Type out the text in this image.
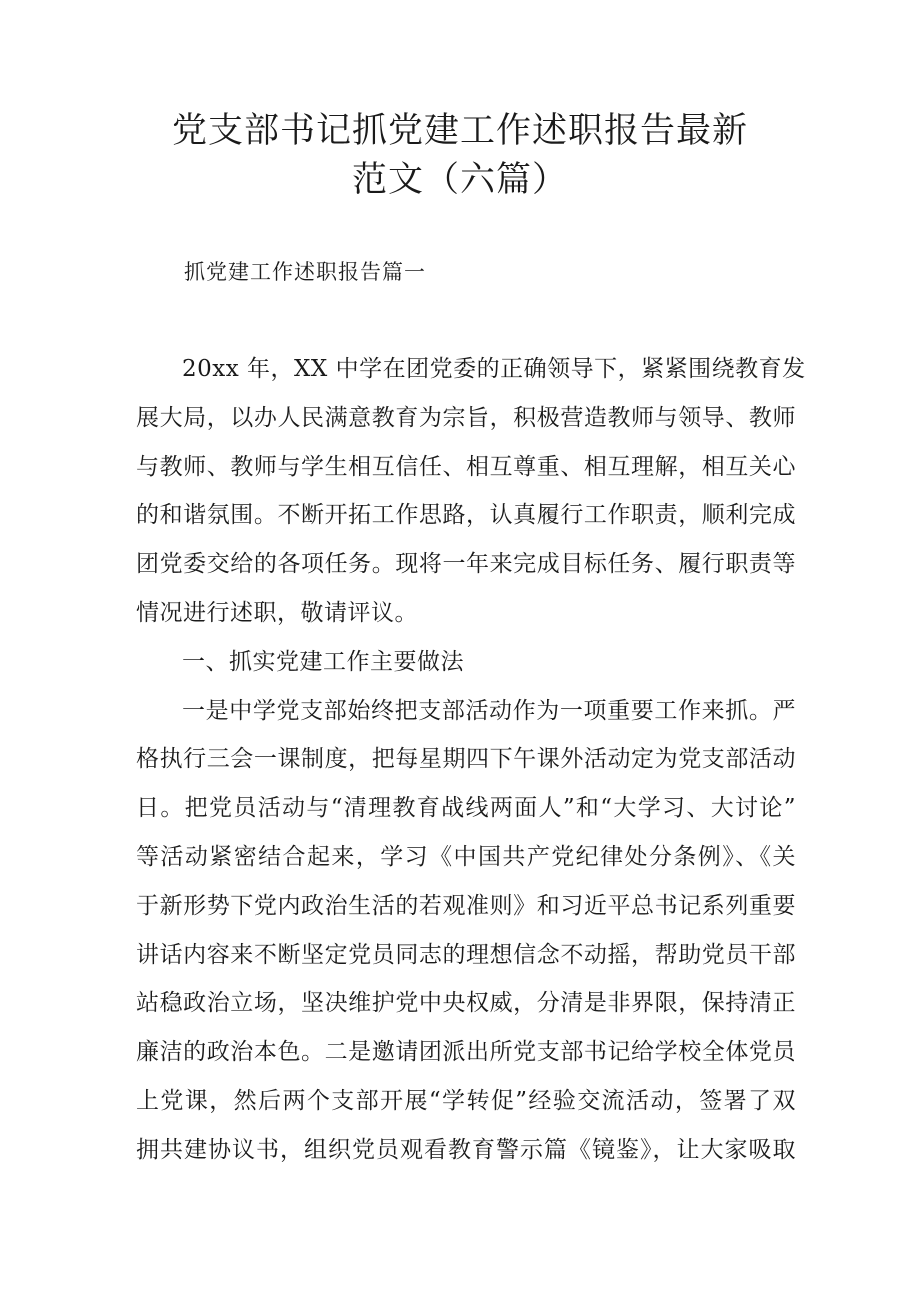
党支部书记抓党建工作述职报告最新
范文（六篇）
抓党建工作述职报告篇一
20xx 年，XX 中学在团党委的正确领导下，紧紧围绕教育发
展大局，以办人民满意教育为宗旨，积极营造教师与领导、教师
与教师、教师与学生相互信任、相互尊重、相互理解，相互关心
的和谐氛围。不断开拓工作思路，认真履行工作职责，顺利完成
团党委交给的各项任务。现将一年来完成目标任务、履行职责等
情况进行述职，敬请评议。
一、抓实党建工作主要做法
一是中学党支部始终把支部活动作为一项重要工作来抓。严
格执行三会一课制度，把每星期四下午课外活动定为党支部活动
日。把党员活动与“清理教育战线两面人”和“大学习、大讨论”
等活动紧密结合起来，学习《中国共产党纪律处分条例》、《关
于新形势下党内政治生活的若观准则》和习近平总书记系列重要
讲话内容来不断坚定党员同志的理想信念不动摇，帮助党员干部
站稳政治立场，坚决维护党中央权威，分清是非界限，保持清正
廉洁的政治本色。二是邀请团派出所党支部书记给学校全体党员
上党课，然后两个支部开展“学转促”经验交流活动，签署了双
拥共建协议书，组织党员观看教育警示篇《镜鉴》，让大家吸取
